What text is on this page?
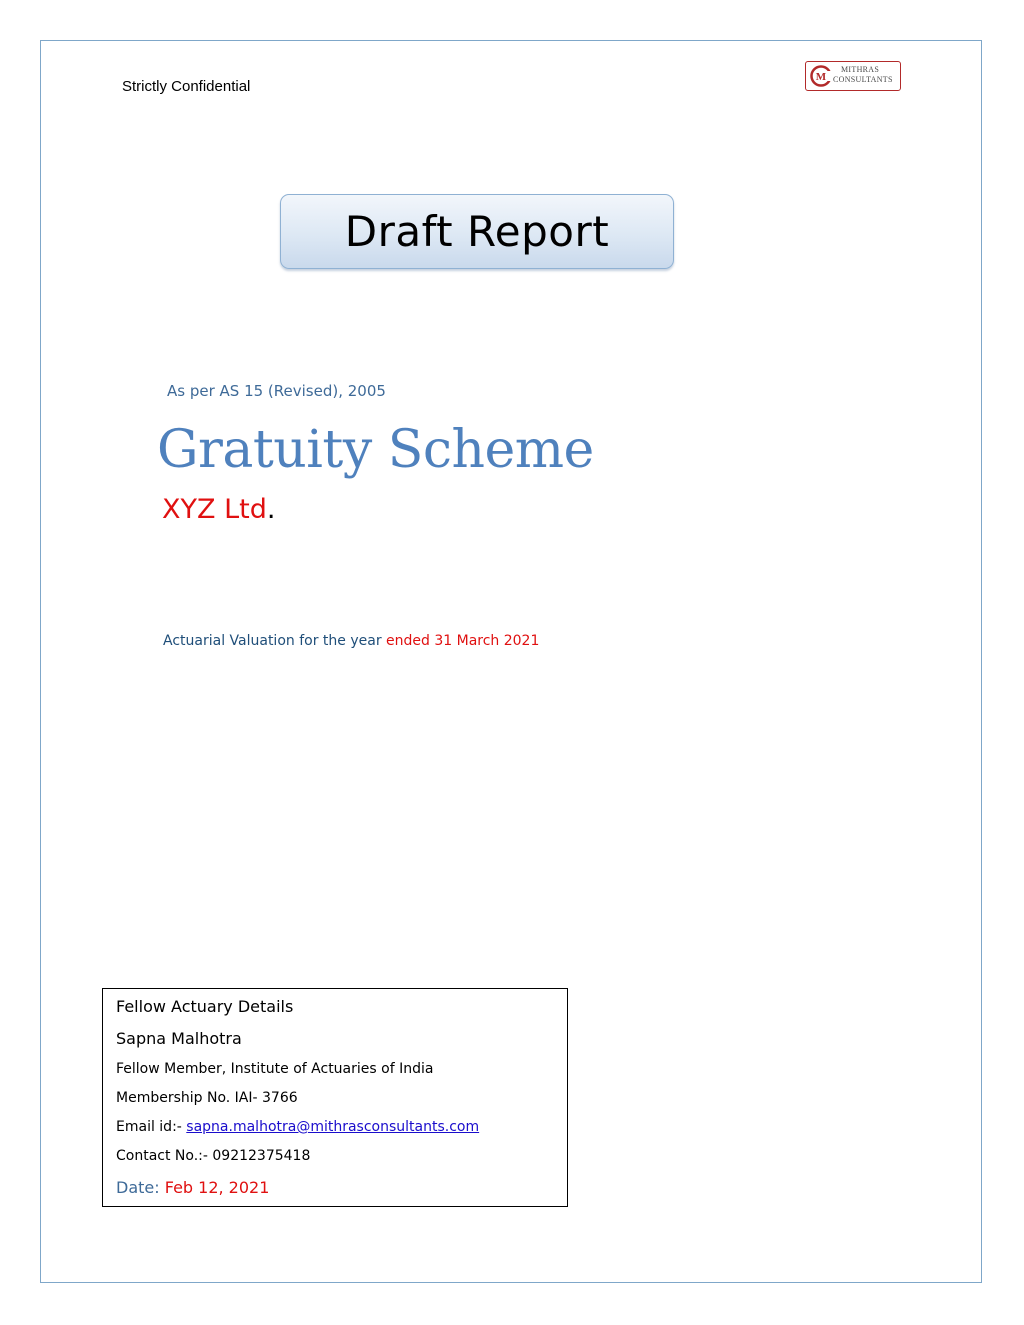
Strictly Confidential
M
MITHRAS
CONSULTANTS
Draft Report
As per AS 15 (Revised), 2005
Gratuity Scheme
XYZ Ltd.
Actuarial Valuation for the year ended 31 March 2021
Fellow Actuary Details
Sapna Malhotra
Fellow Member, Institute of Actuaries of India
Membership No. IAI- 3766
Email id:- sapna.malhotra@mithrasconsultants.com
Contact No.:- 09212375418
Date: Feb 12, 2021
